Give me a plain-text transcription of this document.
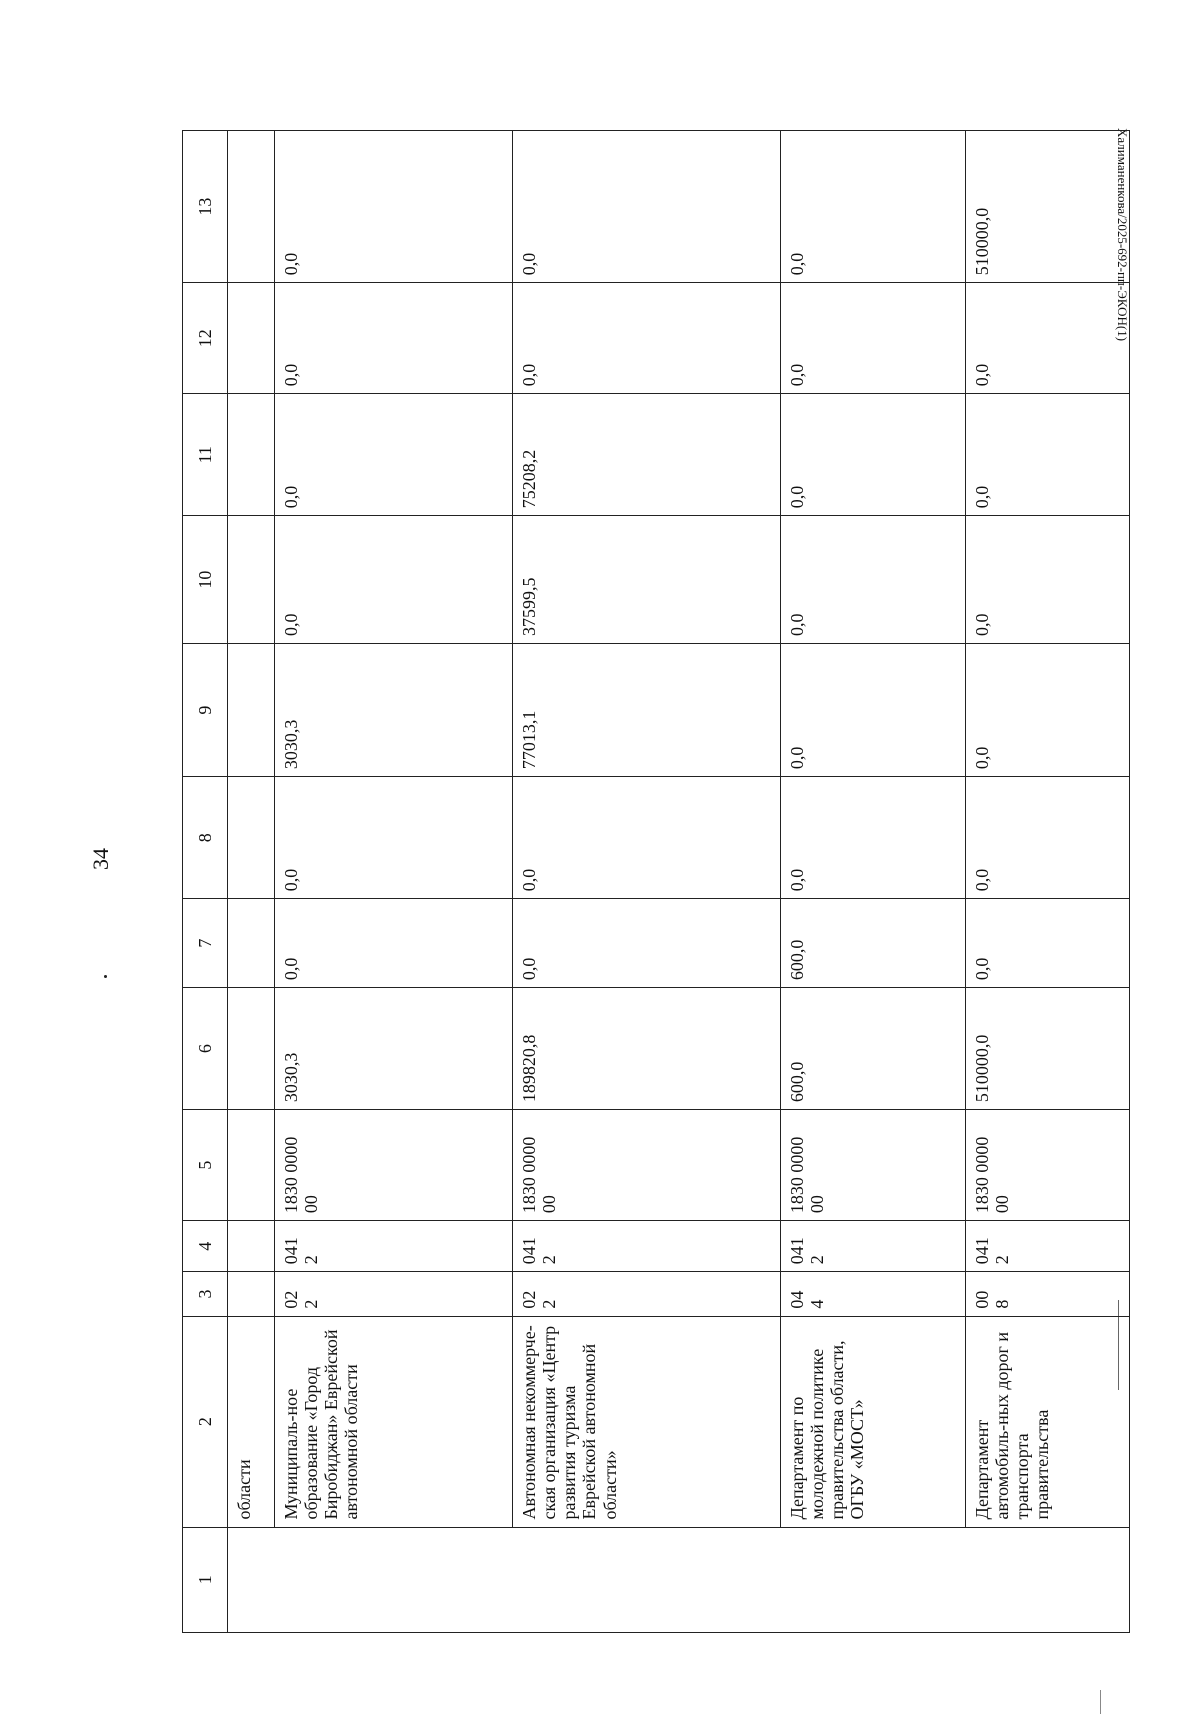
34
Халиманенкова/2025-692-пп-ЭКОН(1)
1	2	3	4	5	6	7	8	9	10	11	12	13
	области											
	Муниципаль-ное образование «Город Биробиджан» Еврейской автономной области	02 2	041 2	1830 0000 00	3030,3	0,0	0,0	3030,3	0,0	0,0	0,0	0,0
	Автономная некоммерче-ская организация «Центр развития туризма Еврейской автономной области»	02 2	041 2	1830 0000 00	189820,8	0,0	0,0	77013,1	37599,5	75208,2	0,0	0,0
	Департамент по молодежной политике правительства области, ОГБУ «МОСТ»	04 4	041 2	1830 0000 00	600,0	600,0	0,0	0,0	0,0	0,0	0,0	0,0
	Департамент автомобиль-ных дорог и транспорта правительства	00 8	041 2	1830 0000 00	510000,0	0,0	0,0	0,0	0,0	0,0	0,0	510000,0
